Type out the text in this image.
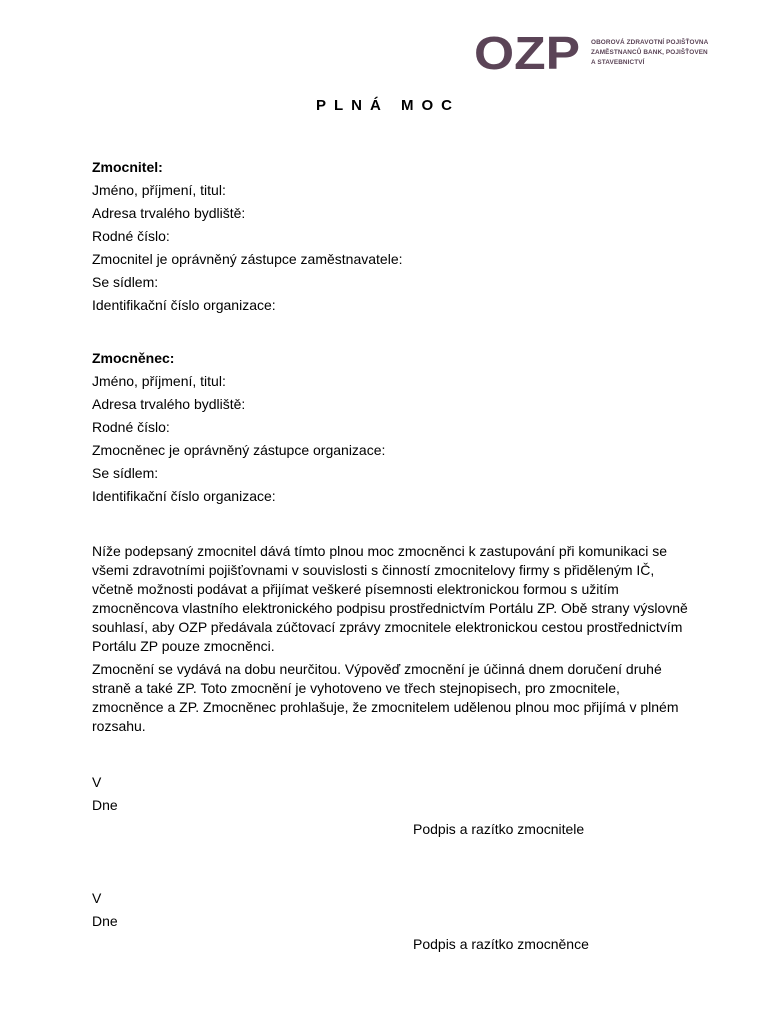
OZP OBOROVÁ ZDRAVOTNÍ POJIŠŤOVNA
ZAMĚSTNANCŮ BANK, POJIŠŤOVEN
A STAVEBNICTVÍ
PLNÁ MOC
Zmocnitel:
Jméno, příjmení, titul:
Adresa trvalého bydliště:
Rodné číslo:
Zmocnitel je oprávněný zástupce zaměstnavatele:
Se sídlem:
Identifikační číslo organizace:
Zmocněnec:
Jméno, příjmení, titul:
Adresa trvalého bydliště:
Rodné číslo:
Zmocněnec je oprávněný zástupce organizace:
Se sídlem:
Identifikační číslo organizace:
Níže podepsaný zmocnitel dává tímto plnou moc zmocněnci k zastupování při komunikaci se všemi zdravotními pojišťovnami v souvislosti s činností zmocnitelovy firmy s přiděleným IČ, včetně možnosti podávat a přijímat veškeré písemnosti elektronickou formou s užitím zmocněncova vlastního elektronického podpisu prostřednictvím Portálu ZP. Obě strany výslovně souhlasí, aby OZP předávala zúčtovací zprávy zmocnitele elektronickou cestou prostřednictvím Portálu ZP pouze zmocněnci.
Zmocnění se vydává na dobu neurčitou. Výpověď zmocnění je účinná dnem doručení druhé straně a také ZP. Toto zmocnění je vyhotoveno ve třech stejnopisech, pro zmocnitele, zmocněnce a ZP. Zmocněnec prohlašuje, že zmocnitelem udělenou plnou moc přijímá v plném rozsahu.
V
Dne
Podpis a razítko zmocnitele
V
Dne
Podpis a razítko zmocněnce
